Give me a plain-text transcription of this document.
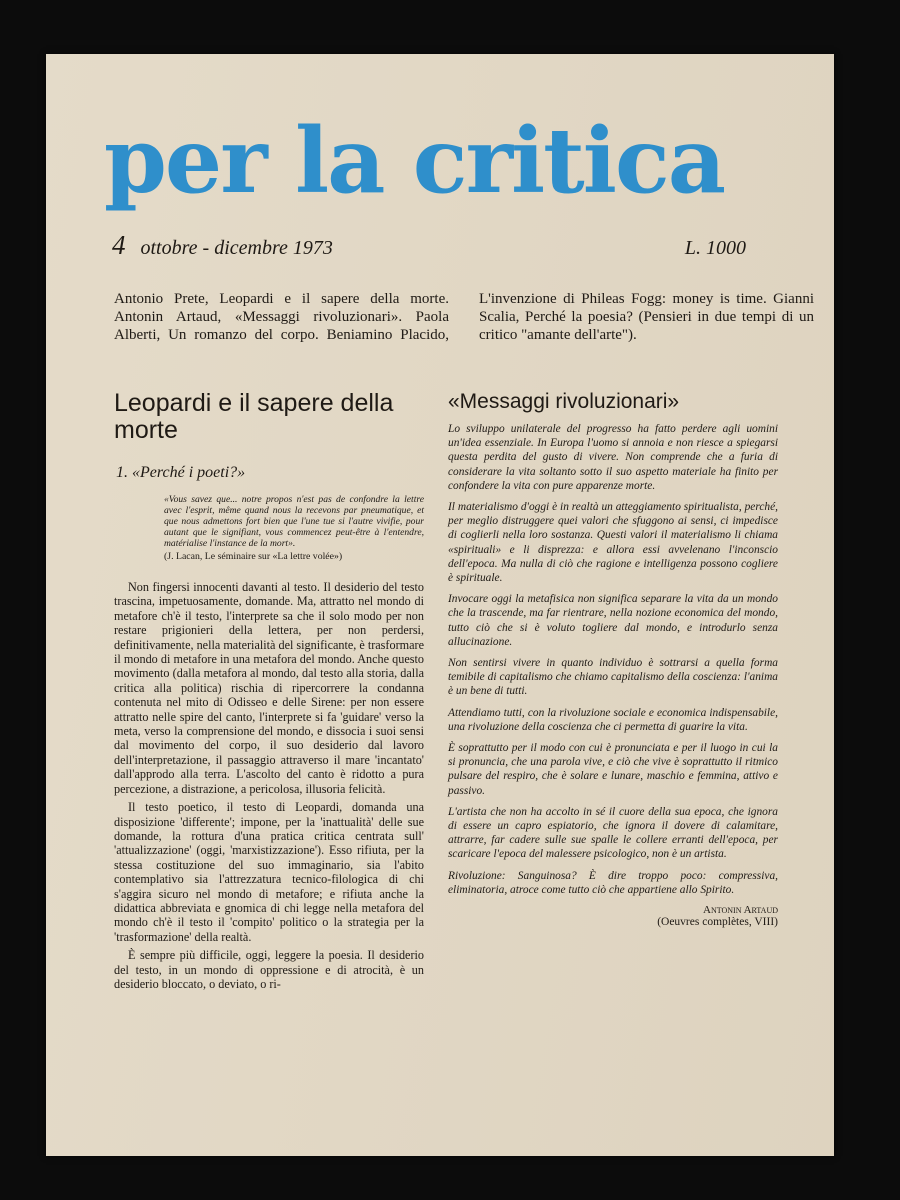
per la critica
4 ottobre - dicembre 1973	L. 1000

Antonio Prete, Leopardi e il sapere della morte. Antonin Artaud, «Messaggi rivoluzionari». Paola Alberti, Un romanzo del corpo. Beniamino Placido, L'invenzione di Phileas Fogg: money is time. Gianni Scalia, Perché la poesia? (Pensieri in due tempi di un critico "amante dell'arte").

Leopardi e il sapere della morte
1. «Perché i poeti?»
«Vous savez que... notre propos n'est pas de confondre la lettre avec l'esprit, même quand nous la recevons par pneumatique, et que nous admettons fort bien que l'une tue si l'autre vivifie, pour autant que le signifiant, vous commencez peut-être à l'entendre, matérialise l'instance de la mort».
(J. Lacan, Le séminaire sur «La lettre volée»)

Non fingersi innocenti davanti al testo. Il desiderio del testo trascina, impetuosamente, domande. Ma, attratto nel mondo di metafore ch'è il testo, l'interprete sa che il solo modo per non restare prigionieri della lettera, per non perdersi, definitivamente, nella materialità del significante, è trasformare il mondo di metafore in una metafora del mondo. Anche questo movimento (dalla metafora al mondo, dal testo alla storia, dalla critica alla politica) rischia di ripercorrere la condanna contenuta nel mito di Odisseo e delle Sirene: per non essere attratto nelle spire del canto, l'interprete si fa 'guidare' verso la meta, verso la comprensione del mondo, e dissocia i suoi sensi dal movimento del corpo, il suo desiderio dal lavoro dell'interpretazione, il passaggio attraverso il mare 'incantato' dall'approdo alla terra. L'ascolto del canto è ridotto a pura percezione, a distrazione, a pericolosa, illusoria felicità.

Il testo poetico, il testo di Leopardi, domanda una disposizione 'differente'; impone, per la 'inattualità' delle sue domande, la rottura d'una pratica critica centrata sull' 'attualizzazione' (oggi, 'marxistizzazione'). Esso rifiuta, per la stessa costituzione del suo immaginario, sia l'abito contemplativo sia l'attrezzatura tecnico-filologica di chi s'aggira sicuro nel mondo di metafore; e rifiuta anche la didattica abbreviata e gnomica di chi legge nella metafora del mondo ch'è il testo il 'compito' politico o la strategia per la 'trasformazione' della realtà.

È sempre più difficile, oggi, leggere la poesia. Il desiderio del testo, in un mondo di oppressione e di atrocità, è un desiderio bloccato, o deviato, o ri-

«Messaggi rivoluzionari»

Lo sviluppo unilaterale del progresso ha fatto perdere agli uomini un'idea essenziale. In Europa l'uomo si annoia e non riesce a spiegarsi questa perdita del gusto di vivere. Non comprende che a furia di considerare la vita soltanto sotto il suo aspetto materiale ha finito per confondere la vita con pure apparenze morte.

Il materialismo d'oggi è in realtà un atteggiamento spiritualista, perché, per meglio distruggere quei valori che sfuggono ai sensi, ci impedisce di coglierli nella loro sostanza. Questi valori il materialismo li chiama «spirituali» e li disprezza: e allora essi avvelenano l'inconscio dell'epoca. Ma nulla di ciò che ragione e intelligenza possono cogliere è spirituale.

Invocare oggi la metafisica non significa separare la vita da un mondo che la trascende, ma far rientrare, nella nozione economica del mondo, tutto ciò che si è voluto togliere dal mondo, e introdurlo senza allucinazione.

Non sentirsi vivere in quanto individuo è sottrarsi a quella forma temibile di capitalismo che chiamo capitalismo della coscienza: l'anima è un bene di tutti.

Attendiamo tutti, con la rivoluzione sociale e economica indispensabile, una rivoluzione della coscienza che ci permetta di guarire la vita.

È soprattutto per il modo con cui è pronunciata e per il luogo in cui la si pronuncia, che una parola vive, e ciò che vive è soprattutto il ritmico pulsare del respiro, che è solare e lunare, maschio e femmina, attivo e passivo.

L'artista che non ha accolto in sé il cuore della sua epoca, che ignora di essere un capro espiatorio, che ignora il dovere di calamitare, attrarre, far cadere sulle sue spalle le collere erranti dell'epoca, per scaricare l'epoca del malessere psicologico, non è un artista.

Rivoluzione: Sanguinosa? È dire troppo poco: compressiva, eliminatoria, atroce come tutto ciò che appartiene allo Spirito.

Antonin Artaud
(Oeuvres complètes, VIII)
